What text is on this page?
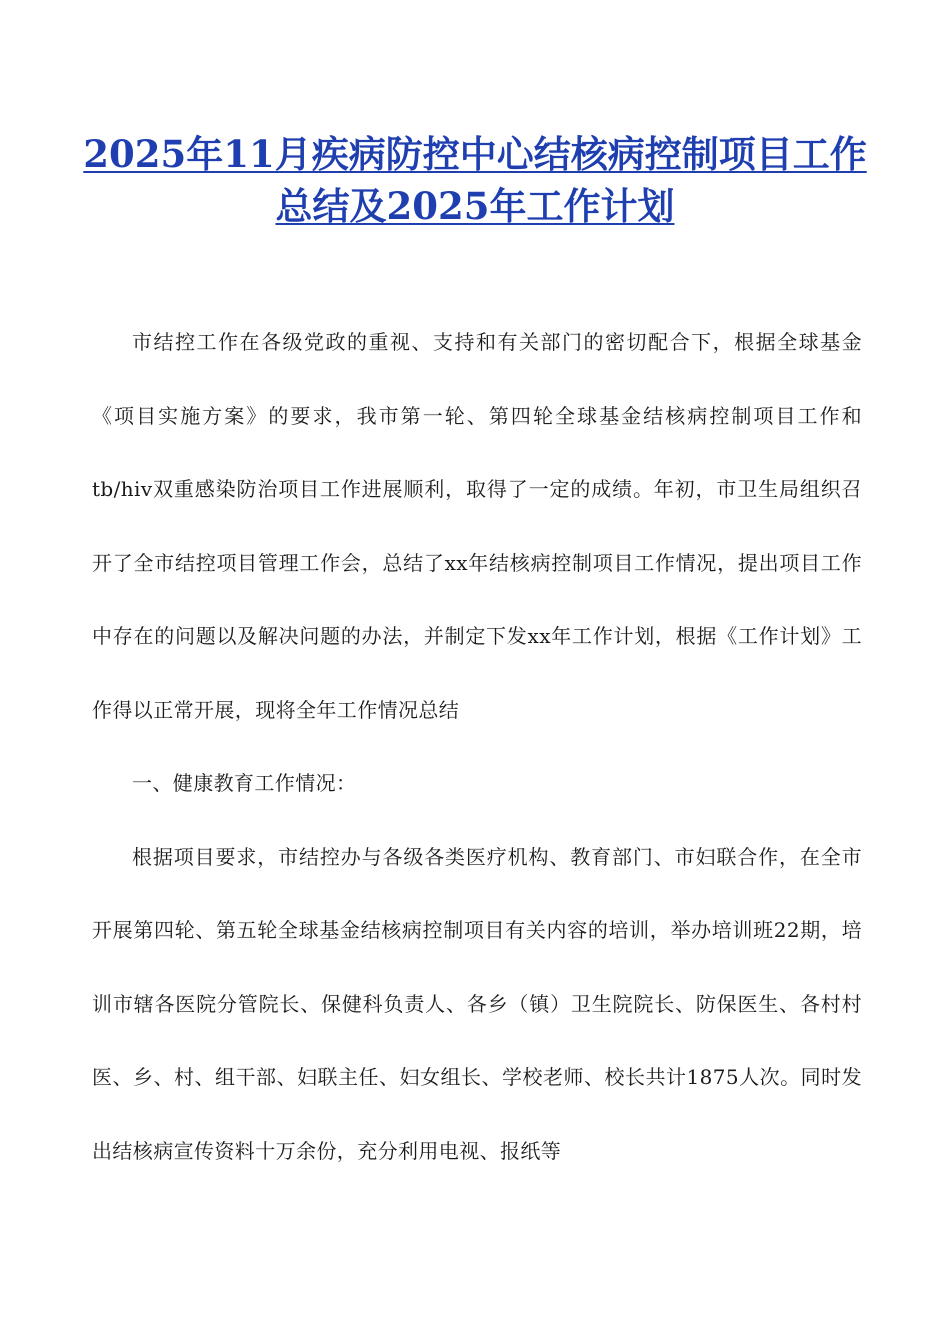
2025年11月疾病防控中心结核病控制项目工作总结及2025年工作计划

市结控工作在各级党政的重视、支持和有关部门的密切配合下，根据全球基金《项目实施方案》的要求，我市第一轮、第四轮全球基金结核病控制项目工作和tb/hiv双重感染防治项目工作进展顺利，取得了一定的成绩。年初，市卫生局组织召开了全市结控项目管理工作会，总结了xx年结核病控制项目工作情况，提出项目工作中存在的问题以及解决问题的办法，并制定下发xx年工作计划，根据《工作计划》工作得以正常开展，现将全年工作情况总结

一、健康教育工作情况：

根据项目要求，市结控办与各级各类医疗机构、教育部门、市妇联合作，在全市开展第四轮、第五轮全球基金结核病控制项目有关内容的培训，举办培训班22期，培训市辖各医院分管院长、保健科负责人、各乡（镇）卫生院院长、防保医生、各村村医、乡、村、组干部、妇联主任、妇女组长、学校老师、校长共计1875人次。同时发出结核病宣传资料十万余份，充分利用电视、报纸等
